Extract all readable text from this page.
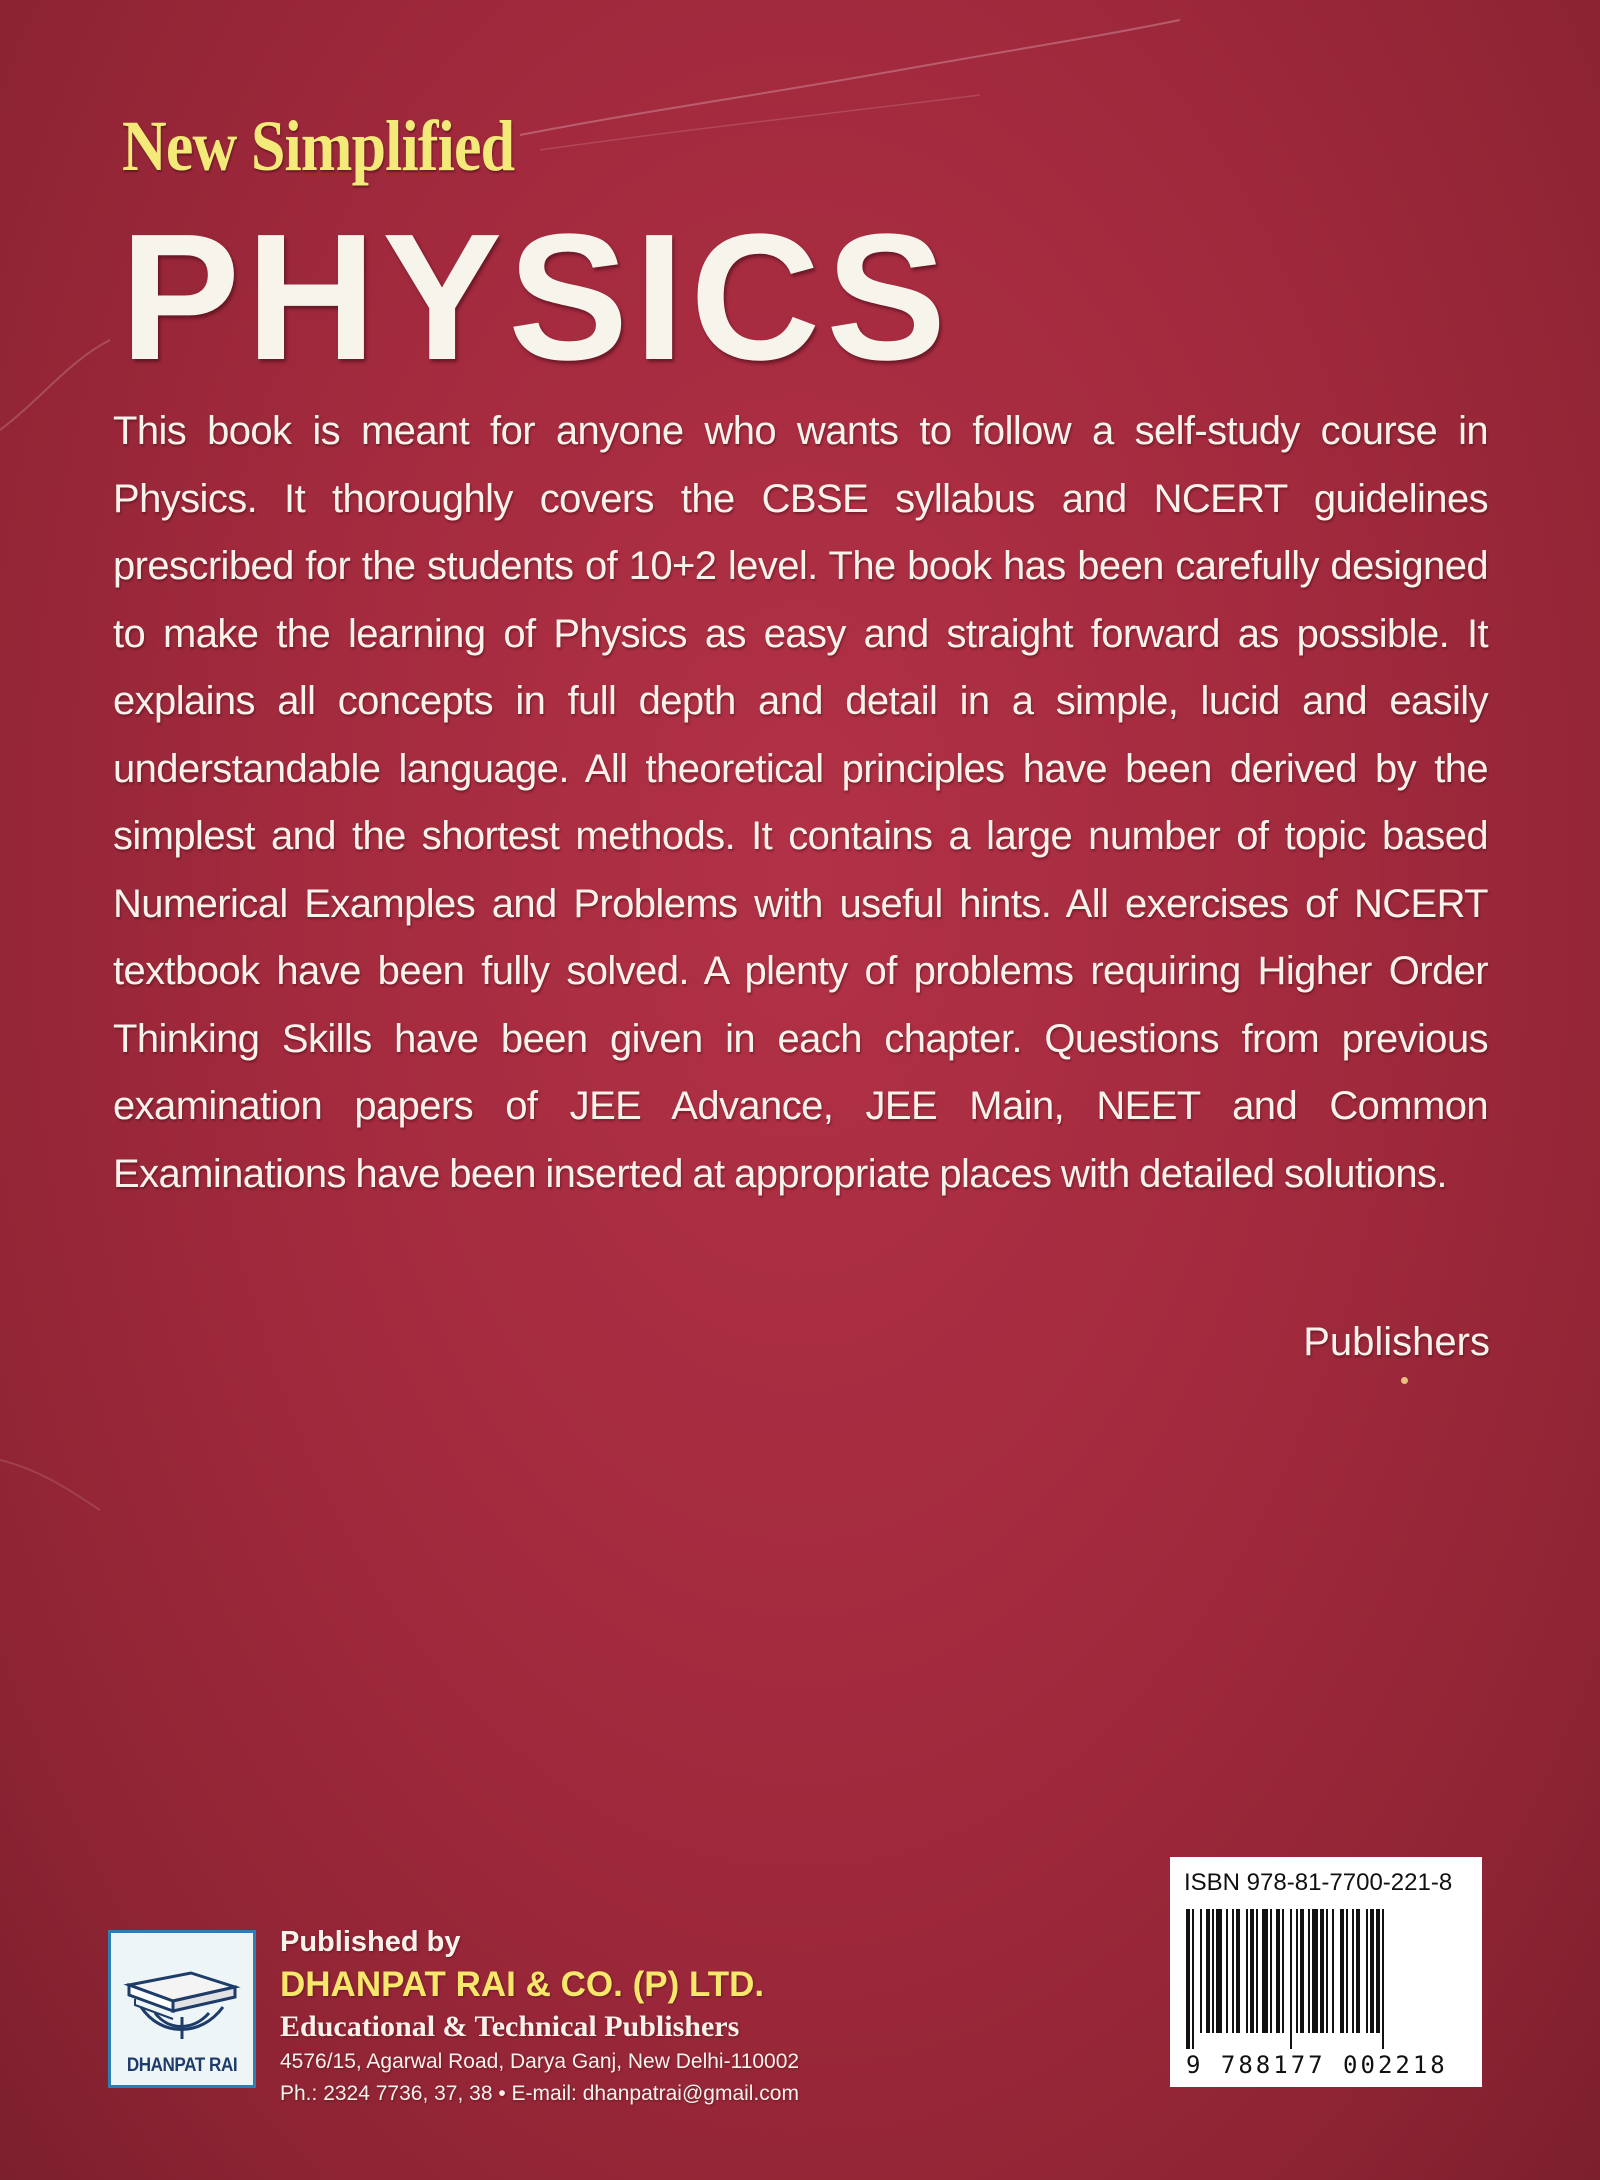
New Simplified
PHYSICS
This book is meant for anyone who wants to follow a self-study course in Physics. It thoroughly covers the CBSE syllabus and NCERT guidelines prescribed for the students of 10+2 level. The book has been carefully designed to make the learning of Physics as easy and straight forward as possible. It explains all concepts in full depth and detail in a simple, lucid and easily understandable language. All theoretical principles have been derived by the simplest and the shortest methods. It contains a large number of topic based Numerical Examples and Problems with useful hints. All exercises of NCERT textbook have been fully solved. A plenty of problems requiring Higher Order Thinking Skills have been given in each chapter. Questions from previous examination papers of JEE Advance, JEE Main, NEET and Common Examinations have been inserted at appropriate places with detailed solutions.
Publishers
DHANPAT RAI
Published by
DHANPAT RAI & CO. (P) LTD.
Educational & Technical Publishers
4576/15, Agarwal Road, Darya Ganj, New Delhi-110002
Ph.: 2324 7736, 37, 38 • E-mail: dhanpatrai@gmail.com
ISBN 978-81-7700-221-8
9 788177 002218
